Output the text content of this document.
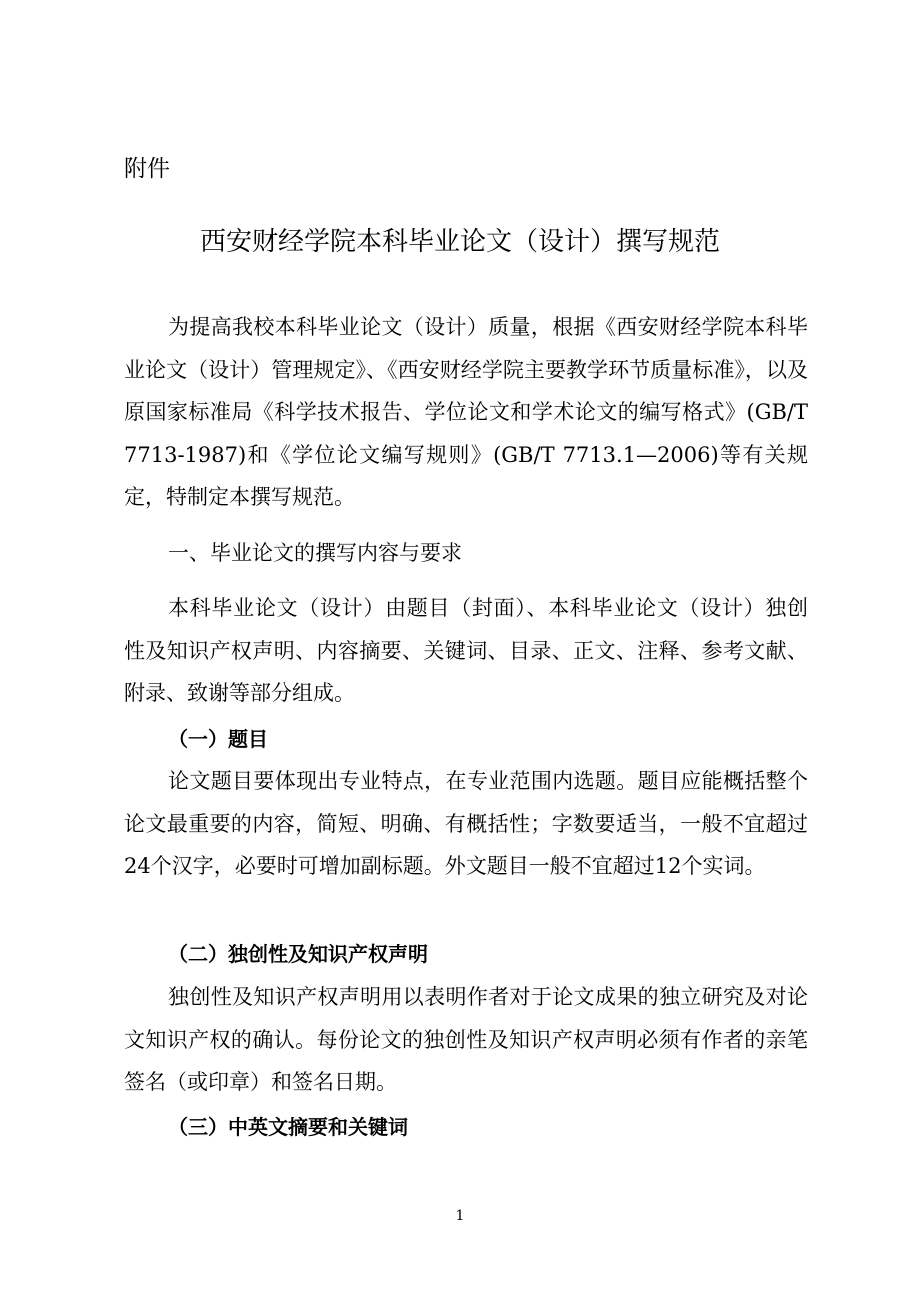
附件
西安财经学院本科毕业论文（设计）撰写规范

为提高我校本科毕业论文（设计）质量，根据《西安财经学院本科毕业论文（设计）管理规定》、《西安财经学院主要教学环节质量标准》，以及原国家标准局《科学技术报告、学位论文和学术论文的编写格式》(GB/T 7713-1987)和《学位论文编写规则》(GB/T 7713.1—2006)等有关规定，特制定本撰写规范。

一、毕业论文的撰写内容与要求

本科毕业论文（设计）由题目（封面）、本科毕业论文（设计）独创性及知识产权声明、内容摘要、关键词、目录、正文、注释、参考文献、附录、致谢等部分组成。

（一）题目

论文题目要体现出专业特点，在专业范围内选题。题目应能概括整个论文最重要的内容，简短、明确、有概括性；字数要适当，一般不宜超过24个汉字，必要时可增加副标题。外文题目一般不宜超过12个实词。

（二）独创性及知识产权声明

独创性及知识产权声明用以表明作者对于论文成果的独立研究及对论文知识产权的确认。每份论文的独创性及知识产权声明必须有作者的亲笔签名（或印章）和签名日期。

（三）中英文摘要和关键词
1
